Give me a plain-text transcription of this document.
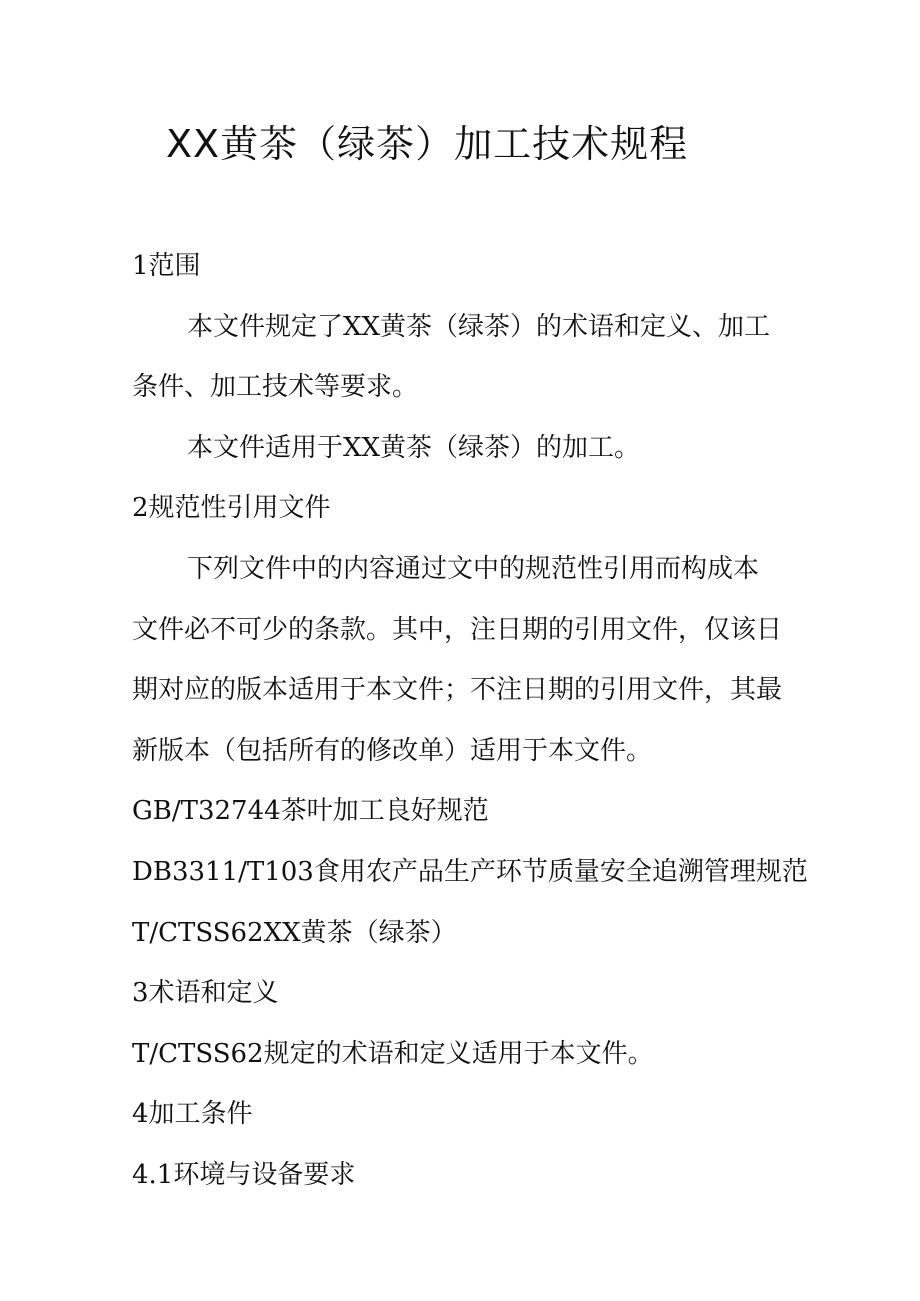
XX黄茶（绿茶）加工技术规程
1范围
本文件规定了XX黄茶（绿茶）的术语和定义、加工
条件、加工技术等要求。
本文件适用于XX黄茶（绿茶）的加工。
2规范性引用文件
下列文件中的内容通过文中的规范性引用而构成本
文件必不可少的条款。其中，注日期的引用文件，仅该日
期对应的版本适用于本文件；不注日期的引用文件，其最
新版本（包括所有的修改单）适用于本文件。
GB/T32744茶叶加工良好规范
DB3311/T103食用农产品生产环节质量安全追溯管理规范
T/CTSS62XX黄茶（绿茶）
3术语和定义
T/CTSS62规定的术语和定义适用于本文件。
4加工条件
4.1环境与设备要求
